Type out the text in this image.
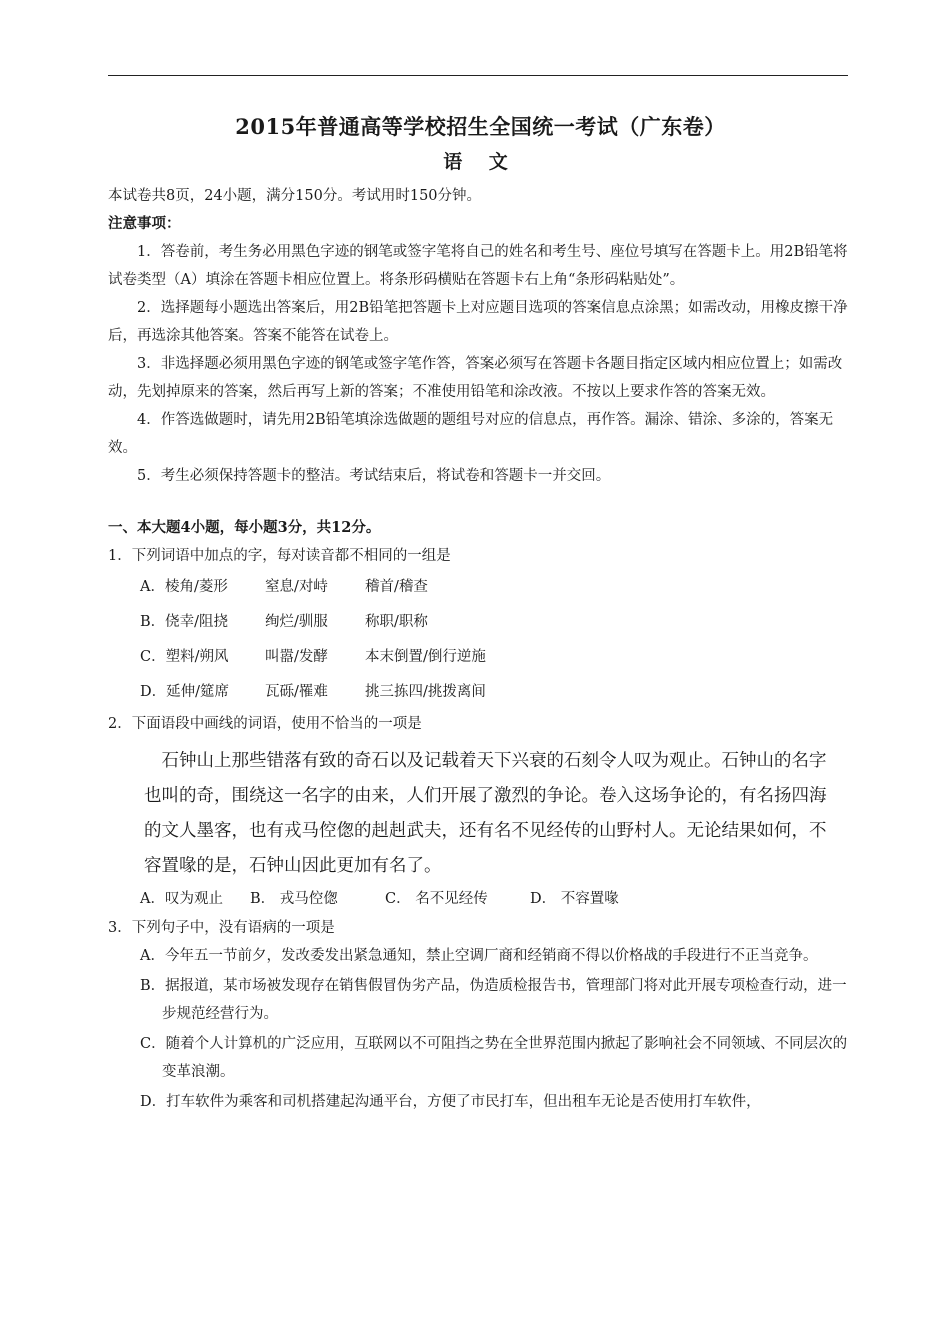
2015年普通高等学校招生全国统一考试（广东卷）
语 文

本试卷共8页，24小题，满分150分。考试用时150分钟。

注意事项：

1．答卷前，考生务必用黑色字迹的钢笔或签字笔将自己的姓名和考生号、座位号填写在答题卡上。用2B铅笔将试卷类型（A）填涂在答题卡相应位置上。将条形码横贴在答题卡右上角“条形码粘贴处”。

2．选择题每小题选出答案后，用2B铅笔把答题卡上对应题目选项的答案信息点涂黑；如需改动，用橡皮擦干净后，再选涂其他答案。答案不能答在试卷上。

3．非选择题必须用黑色字迹的钢笔或签字笔作答，答案必须写在答题卡各题目指定区域内相应位置上；如需改动，先划掉原来的答案，然后再写上新的答案；不准使用铅笔和涂改液。不按以上要求作答的答案无效。

4．作答选做题时，请先用2B铅笔填涂选做题的题组号对应的信息点，再作答。漏涂、错涂、多涂的，答案无效。

5．考生必须保持答题卡的整洁。考试结束后，将试卷和答题卡一并交回。

一、本大题4小题，每小题3分，共12分。

1．下列词语中加点的字，每对读音都不相同的一组是

A．棱角/菱形	窒息/对峙	稽首/稽查
B．侥幸/阻挠	绚烂/驯服	称职/职称
C．塑料/朔风	叫嚣/发酵	本末倒置/倒行逆施
D．延伸/筵席 瓦砾/罹难	挑三拣四/挑拨离间

2．下面语段中画线的词语，使用不恰当的一项是

石钟山上那些错落有致的奇石以及记载着天下兴衰的石刻令人叹为观止。石钟山的名字也叫的奇，围绕这一名字的由来，人们开展了激烈的争论。卷入这场争论的，有名扬四海的文人墨客，也有戎马倥偬的赳赳武夫，还有名不见经传的山野村人。无论结果如何，不容置喙的是，石钟山因此更加有名了。
A．叹为观止 B． 戎马倥偬	C． 名不见经传	D． 不容置喙

3．下列句子中，没有语病的一项是

A．今年五一节前夕，发改委发出紧急通知，禁止空调厂商和经销商不得以价格战的手段进行不正当竞争。
B．据报道，某市场被发现存在销售假冒伪劣产品，伪造质检报告书，管理部门将对此开展专项检查行动，进一步规范经营行为。
C．随着个人计算机的广泛应用，互联网以不可阻挡之势在全世界范围内掀起了影响社会不同领域、不同层次的变革浪潮。
D．打车软件为乘客和司机搭建起沟通平台，方便了市民打车，但出租车无论是否使用打车软件，
